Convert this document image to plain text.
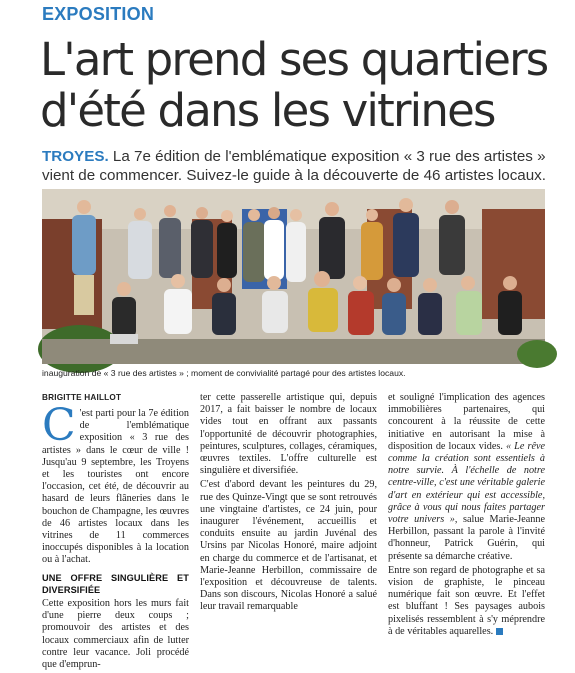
EXPOSITION
L'art prend ses quartiers d'été dans les vitrines
TROYES. La 7e édition de l'emblématique exposition « 3 rue des artistes » vient de commencer. Suivez-le guide à la découverte de 46 artistes locaux.
inauguration de « 3 rue des artistes » ; moment de convivialité partagé pour des artistes locaux.
BRIGITTE HAILLOT

C 'est parti pour la 7e édition de l'emblématique exposition « 3 rue des artistes » dans le cœur de ville ! Jusqu'au 9 septembre, les Troyens et les touristes ont encore l'occasion, cet été, de découvrir au hasard de leurs flâneries dans le bouchon de Champagne, les œuvres de 46 artistes locaux dans les vitrines de 11 commerces inoccupés disponibles à la location ou à l'achat.

UNE OFFRE SINGULIÈRE ET DIVERSIFIÉE

Cette exposition hors les murs fait d'une pierre deux coups ; promouvoir des artistes et des locaux commerciaux afin de lutter contre leur vacance. Joli procédé que d'emprun-

ter cette passerelle artistique qui, depuis 2017, a fait baisser le nombre de locaux vides tout en offrant aux passants l'opportunité de découvrir photographies, peintures, sculptures, collages, céramiques, œuvres textiles. L'offre culturelle est singulière et diversifiée.

C'est d'abord devant les peintures du 29, rue des Quinze-Vingt que se sont retrouvés une vingtaine d'artistes, ce 24 juin, pour inaugurer l'événement, accueillis et conduits ensuite au jardin Juvénal des Ursins par Nicolas Honoré, maire adjoint en charge du commerce et de l'artisanat, et Marie-Jeanne Herbillon, commissaire de l'exposition et découvreuse de talents. Dans son discours, Nicolas Honoré a salué leur travail remarquable

et souligné l'implication des agences immobilières partenaires, qui concourent à la réussite de cette initiative en autorisant la mise à disposition de locaux vides. « Le rêve comme la création sont essentiels à notre survie. À l'échelle de notre centre-ville, c'est une véritable galerie d'art en extérieur qui est accessible, grâce à vous qui nous faites partager votre univers », salue Marie-Jeanne Herbillon, passant la parole à l'invité d'honneur, Patrick Guérin, qui présente sa démarche créative.

Entre son regard de photographe et sa vision de graphiste, le pinceau numérique fait son œuvre. Et l'effet est bluffant ! Ses paysages aubois pixelisés ressemblent à s'y méprendre à de véritables aquarelles.
